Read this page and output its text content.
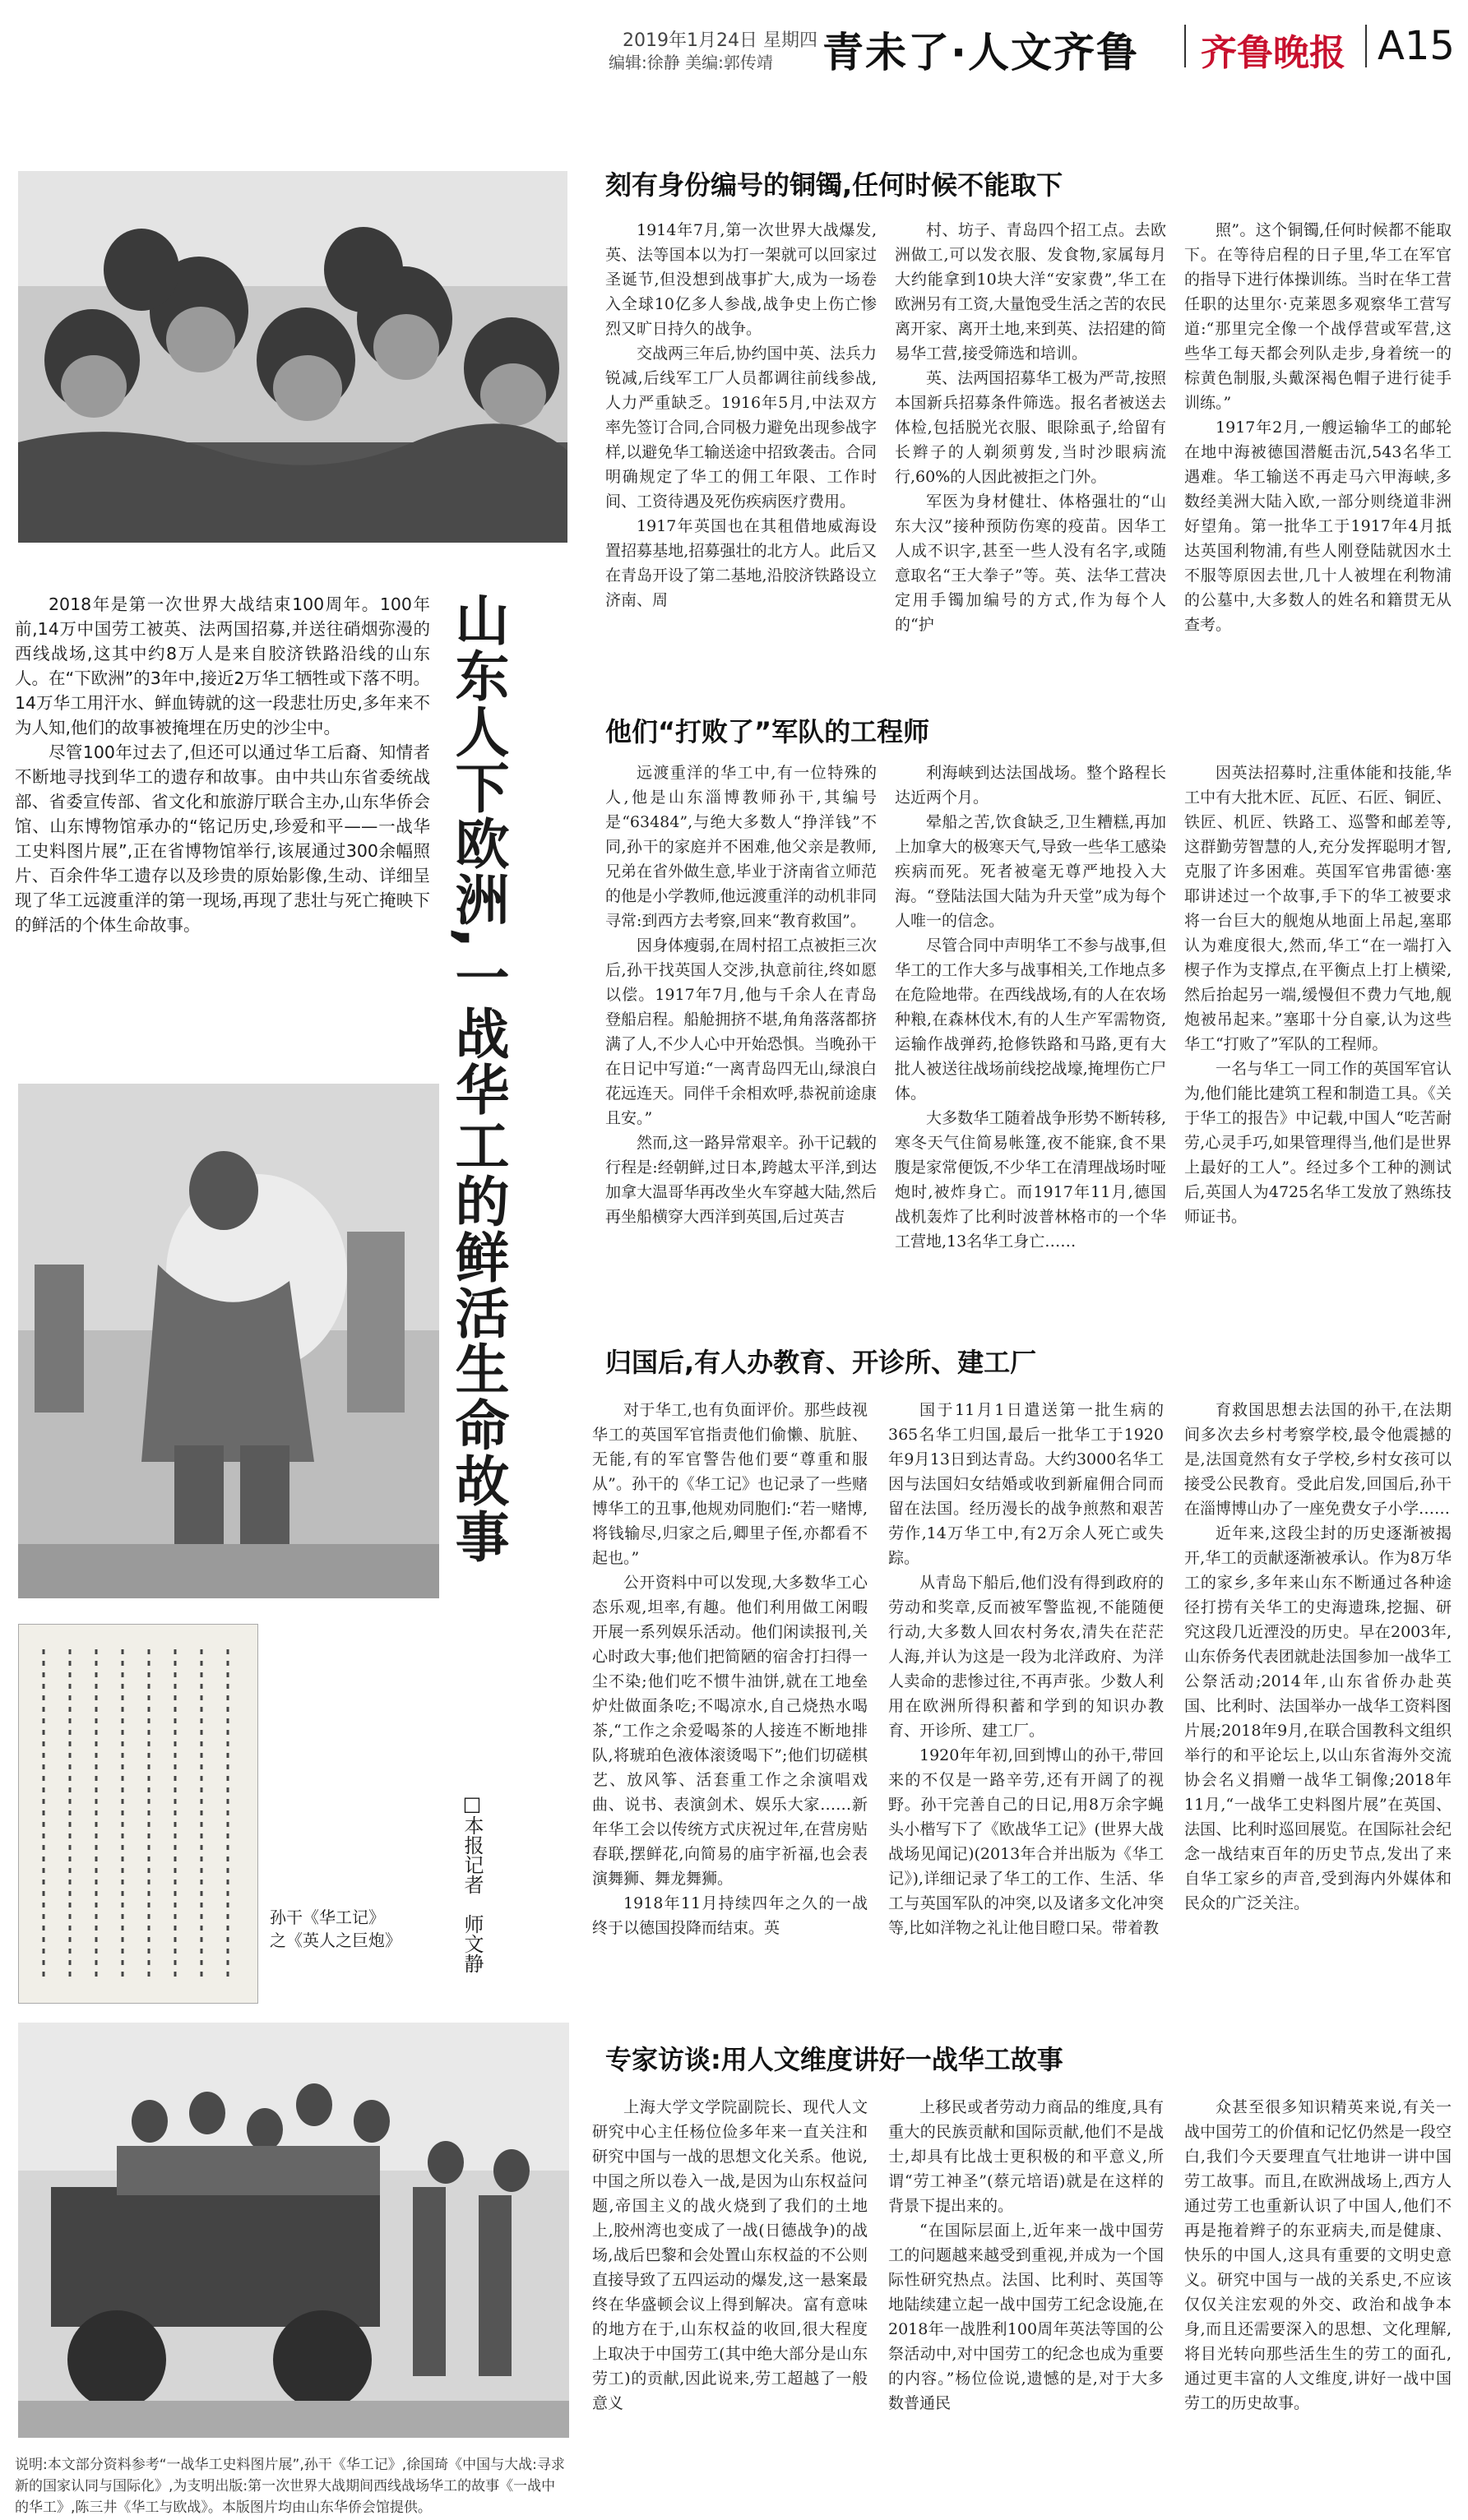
2019年1月24日 星期四
编辑:徐静 美编:郭传靖 青未了·人文齐鲁 齐鲁晚报 A15

2018年是第一次世界大战结束100周年。100年前,14万中国劳工被英、法两国招募,并送往硝烟弥漫的西线战场,这其中约8万人是来自胶济铁路沿线的山东人。在“下欧洲”的3年中,接近2万华工牺牲或下落不明。14万华工用汗水、鲜血铸就的这一段悲壮历史,多年来不为人知,他们的故事被掩埋在历史的沙尘中。

尽管100年过去了,但还可以通过华工后裔、知情者不断地寻找到华工的遗存和故事。由中共山东省委统战部、省委宣传部、省文化和旅游厅联合主办,山东华侨会馆、山东博物馆承办的“铭记历史,珍爱和平——一战华工史料图片展”,正在省博物馆举行,该展通过300余幅照片、百余件华工遗存以及珍贵的原始影像,生动、详细呈现了华工远渡重洋的第一现场,再现了悲壮与死亡掩映下的鲜活的个体生命故事。

孙干《华工记》之《英人之巨炮》
山东人下欧洲,一战华工的鲜活生命故事
□本报记者　师文静
刻有身份编号的铜镯,任何时候不能取下

1914年7月,第一次世界大战爆发,英、法等国本以为打一架就可以回家过圣诞节,但没想到战事扩大,成为一场卷入全球10亿多人参战,战争史上伤亡惨烈又旷日持久的战争。

交战两三年后,协约国中英、法兵力锐减,后线军工厂人员都调往前线参战,人力严重缺乏。1916年5月,中法双方率先签订合同,合同极力避免出现参战字样,以避免华工输送途中招致袭击。合同明确规定了华工的佣工年限、工作时间、工资待遇及死伤疾病医疗费用。

1917年英国也在其租借地威海设置招募基地,招募强壮的北方人。此后又在青岛开设了第二基地,沿胶济铁路设立济南、周

村、坊子、青岛四个招工点。去欧洲做工,可以发衣服、发食物,家属每月大约能拿到10块大洋“安家费”,华工在欧洲另有工资,大量饱受生活之苦的农民离开家、离开土地,来到英、法招建的简易华工营,接受筛选和培训。

英、法两国招募华工极为严苛,按照本国新兵招募条件筛选。报名者被送去体检,包括脱光衣服、眼除虱子,给留有长辫子的人剃须剪发,当时沙眼病流行,60%的人因此被拒之门外。

军医为身材健壮、体格强壮的“山东大汉”接种预防伤寒的疫苗。因华工人成不识字,甚至一些人没有名字,或随意取名“王大拳子”等。英、法华工营决定用手镯加编号的方式,作为每个人的“护

照”。这个铜镯,任何时候都不能取下。在等待启程的日子里,华工在军官的指导下进行体操训练。当时在华工营任职的达里尔·克莱恩多观察华工营写道:“那里完全像一个战俘营或军营,这些华工每天都会列队走步,身着统一的棕黄色制服,头戴深褐色帽子进行徒手训练。”

1917年2月,一艘运输华工的邮轮在地中海被德国潜艇击沉,543名华工遇难。华工输送不再走马六甲海峡,多数经美洲大陆入欧,一部分则绕道非洲好望角。第一批华工于1917年4月抵达英国利物浦,有些人刚登陆就因水土不服等原因去世,几十人被埋在利物浦的公墓中,大多数人的姓名和籍贯无从查考。

他们“打败了”军队的工程师

远渡重洋的华工中,有一位特殊的人,他是山东淄博教师孙干,其编号是“63484”,与绝大多数人“挣洋钱”不同,孙干的家庭并不困难,他父亲是教师,兄弟在省外做生意,毕业于济南省立师范的他是小学教师,他远渡重洋的动机非同寻常:到西方去考察,回来“教育救国”。

因身体瘦弱,在周村招工点被拒三次后,孙干找英国人交涉,执意前往,终如愿以偿。1917年7月,他与千余人在青岛登船启程。船舱拥挤不堪,角角落落都挤满了人,不少人心中开始恐惧。当晚孙干在日记中写道:“一离青岛四无山,绿浪白花远连天。同伴千余相欢呼,恭祝前途康且安。”

然而,这一路异常艰辛。孙干记载的行程是:经朝鲜,过日本,跨越太平洋,到达加拿大温哥华再改坐火车穿越大陆,然后再坐船横穿大西洋到英国,后过英吉

利海峡到达法国战场。整个路程长达近两个月。

晕船之苦,饮食缺乏,卫生糟糕,再加上加拿大的极寒天气,导致一些华工感染疾病而死。死者被毫无尊严地投入大海。“登陆法国大陆为升天堂”成为每个人唯一的信念。

尽管合同中声明华工不参与战事,但华工的工作大多与战事相关,工作地点多在危险地带。在西线战场,有的人在农场种粮,在森林伐木,有的人生产军需物资,运输作战弹药,抢修铁路和马路,更有大批人被送往战场前线挖战壕,掩埋伤亡尸体。

大多数华工随着战争形势不断转移,寒冬天气住简易帐篷,夜不能寐,食不果腹是家常便饭,不少华工在清理战场时哑炮时,被炸身亡。而1917年11月,德国战机轰炸了比利时波普林格市的一个华工营地,13名华工身亡……

因英法招募时,注重体能和技能,华工中有大批木匠、瓦匠、石匠、铜匠、铁匠、机匠、铁路工、巡警和邮差等,这群勤劳智慧的人,充分发挥聪明才智,克服了许多困难。英国军官弗雷德·塞耶讲述过一个故事,手下的华工被要求将一台巨大的舰炮从地面上吊起,塞耶认为难度很大,然而,华工“在一端打入楔子作为支撑点,在平衡点上打上横梁,然后抬起另一端,缓慢但不费力气地,舰炮被吊起来。”塞耶十分自豪,认为这些华工“打败了”军队的工程师。

一名与华工一同工作的英国军官认为,他们能比建筑工程和制造工具。《关于华工的报告》中记载,中国人“吃苦耐劳,心灵手巧,如果管理得当,他们是世界上最好的工人”。经过多个工种的测试后,英国人为4725名华工发放了熟练技师证书。

归国后,有人办教育、开诊所、建工厂

对于华工,也有负面评价。那些歧视华工的英国军官指责他们偷懒、肮脏、无能,有的军官警告他们要“尊重和服从”。孙干的《华工记》也记录了一些赌博华工的丑事,他规劝同胞们:“若一赌博,将钱输尽,归家之后,卿里子侄,亦都看不起也。”

公开资料中可以发现,大多数华工心态乐观,坦率,有趣。他们利用做工闲暇开展一系列娱乐活动。他们闲读报刊,关心时政大事;他们把简陋的宿舍打扫得一尘不染;他们吃不惯牛油饼,就在工地垒炉灶做面条吃;不喝凉水,自己烧热水喝茶,“工作之余爱喝茶的人接连不断地排队,将琥珀色液体滚烫喝下”;他们切磋棋艺、放风筝、活套重工作之余演唱戏曲、说书、表演剑术、娱乐大家……新年华工会以传统方式庆祝过年,在营房贴春联,摆鲜花,向简易的庙宇祈福,也会表演舞狮、舞龙舞狮。

1918年11月持续四年之久的一战终于以德国投降而结束。英

国于11月1日遣送第一批生病的365名华工归国,最后一批华工于1920年9月13日到达青岛。大约3000名华工因与法国妇女结婚或收到新雇佣合同而留在法国。经历漫长的战争煎熬和艰苦劳作,14万华工中,有2万余人死亡或失踪。

从青岛下船后,他们没有得到政府的劳动和奖章,反而被军警监视,不能随便行动,大多数人回农村务农,清失在茫茫人海,并认为这是一段为北洋政府、为洋人卖命的悲惨过往,不再声张。少数人利用在欧洲所得积蓄和学到的知识办教育、开诊所、建工厂。

1920年年初,回到博山的孙干,带回来的不仅是一路辛劳,还有开阔了的视野。孙干完善自己的日记,用8万余字蝇头小楷写下了《欧战华工记》(世界大战战场见闻记)(2013年合并出版为《华工记》),详细记录了华工的工作、生活、华工与英国军队的冲突,以及诸多文化冲突等,比如洋物之礼让他目瞪口呆。带着教

育救国思想去法国的孙干,在法期间多次去乡村考察学校,最令他震撼的是,法国竟然有女子学校,乡村女孩可以接受公民教育。受此启发,回国后,孙干在淄博博山办了一座免费女子小学……

近年来,这段尘封的历史逐渐被揭开,华工的贡献逐渐被承认。作为8万华工的家乡,多年来山东不断通过各种途径打捞有关华工的史海遗珠,挖掘、研究这段几近湮没的历史。早在2003年,山东侨务代表团就赴法国参加一战华工公祭活动;2014年,山东省侨办赴英国、比利时、法国举办一战华工资料图片展;2018年9月,在联合国教科文组织举行的和平论坛上,以山东省海外交流协会名义捐赠一战华工铜像;2018年11月,“一战华工史料图片展”在英国、法国、比利时巡回展览。在国际社会纪念一战结束百年的历史节点,发出了来自华工家乡的声音,受到海内外媒体和民众的广泛关注。

专家访谈:用人文维度讲好一战华工故事

上海大学文学院副院长、现代人文研究中心主任杨位俭多年来一直关注和研究中国与一战的思想文化关系。他说,中国之所以卷入一战,是因为山东权益问题,帝国主义的战火烧到了我们的土地上,胶州湾也变成了一战(日德战争)的战场,战后巴黎和会处置山东权益的不公则直接导致了五四运动的爆发,这一悬案最终在华盛顿会议上得到解决。富有意味的地方在于,山东权益的收回,很大程度上取决于中国劳工(其中绝大部分是山东劳工)的贡献,因此说来,劳工超越了一般意义

上移民或者劳动力商品的维度,具有重大的民族贡献和国际贡献,他们不是战士,却具有比战士更积极的和平意义,所谓“劳工神圣”(蔡元培语)就是在这样的背景下提出来的。

“在国际层面上,近年来一战中国劳工的问题越来越受到重视,并成为一个国际性研究热点。法国、比利时、英国等地陆续建立起一战中国劳工纪念设施,在2018年一战胜利100周年英法等国的公祭活动中,对中国劳工的纪念也成为重要的内容。”杨位俭说,遗憾的是,对于大多数普通民

众甚至很多知识精英来说,有关一战中国劳工的价值和记忆仍然是一段空白,我们今天要理直气壮地讲一讲中国劳工故事。而且,在欧洲战场上,西方人通过劳工也重新认识了中国人,他们不再是拖着辫子的东亚病夫,而是健康、快乐的中国人,这具有重要的文明史意义。研究中国与一战的关系史,不应该仅仅关注宏观的外交、政治和战争本身,而且还需要深入的思想、文化理解,将目光转向那些活生生的劳工的面孔,通过更丰富的人文维度,讲好一战中国劳工的历史故事。

说明:本文部分资料参考“一战华工史料图片展”,孙干《华工记》,徐国琦《中国与大战:寻求新的国家认同与国际化》,为支明出版:第一次世界大战期间西线战场华工的故事《一战中的华工》,陈三井《华工与欧战》。本版图片均由山东华侨会馆提供。
